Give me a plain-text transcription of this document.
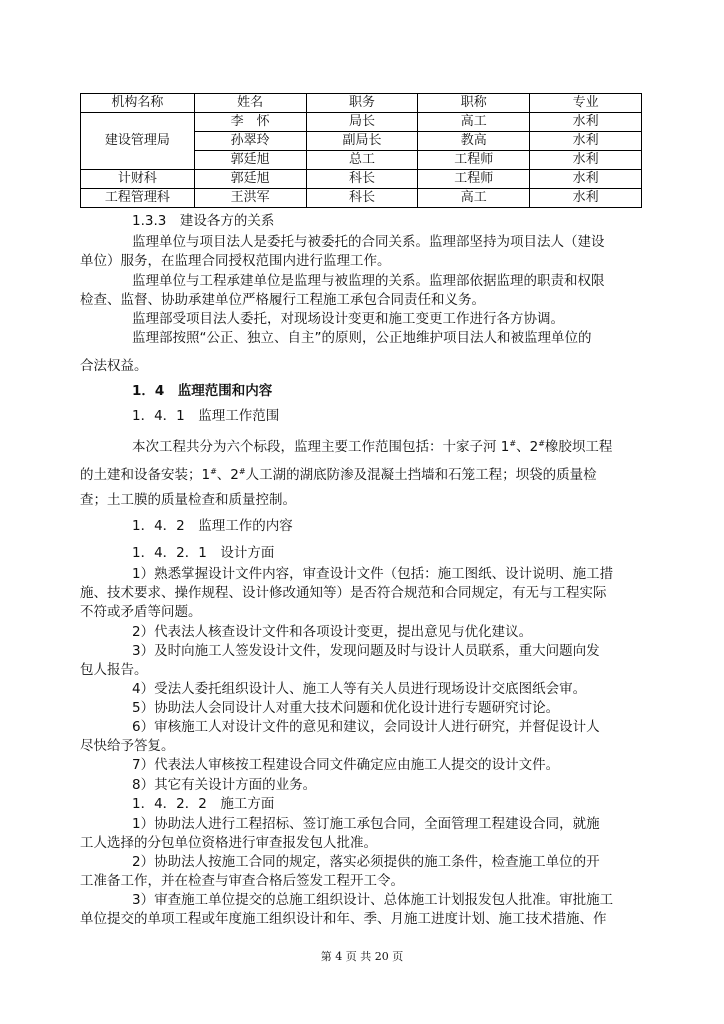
机构名称	姓名	职务	职称	专业
建设管理局	李　怀	局长	高工	水利
	孙翠玲	副局长	教高	水利
	郭廷旭	总工	工程师	水利
计财科	郭廷旭	科长	工程师	水利
工程管理科	王洪军	科长	高工	水利
1.3.3　建设各方的关系
监理单位与项目法人是委托与被委托的合同关系。监理部坚持为项目法人（建设
单位）服务，在监理合同授权范围内进行监理工作。
监理单位与工程承建单位是监理与被监理的关系。监理部依据监理的职责和权限
检查、监督、协助承建单位严格履行工程施工承包合同责任和义务。
监理部受项目法人委托，对现场设计变更和施工变更工作进行各方协调。
监理部按照“公正、独立、自主”的原则，公正地维护项目法人和被监理单位的
合法权益。
1．4　监理范围和内容
1．4．1　监理工作范围
本次工程共分为六个标段，监理主要工作范围包括：十家子河 1#、2#橡胶坝工程
的土建和设备安装；1#、2#人工湖的湖底防渗及混凝土挡墙和石笼工程；坝袋的质量检
查；土工膜的质量检查和质量控制。
1．4．2　监理工作的内容
1．4．2．1　设计方面
1）熟悉掌握设计文件内容，审查设计文件（包括：施工图纸、设计说明、施工措
施、技术要求、操作规程、设计修改通知等）是否符合规范和合同规定，有无与工程实际
不符或矛盾等问题。
2）代表法人核查设计文件和各项设计变更，提出意见与优化建议。
3）及时向施工人签发设计文件，发现问题及时与设计人员联系，重大问题向发
包人报告。
4）受法人委托组织设计人、施工人等有关人员进行现场设计交底图纸会审。
5）协助法人会同设计人对重大技术问题和优化设计进行专题研究讨论。
6）审核施工人对设计文件的意见和建议，会同设计人进行研究，并督促设计人
尽快给予答复。
7）代表法人审核按工程建设合同文件确定应由施工人提交的设计文件。
8）其它有关设计方面的业务。
1．4．2．2　施工方面
1）协助法人进行工程招标、签订施工承包合同，全面管理工程建设合同，就施
工人选择的分包单位资格进行审查报发包人批准。
2）协助法人按施工合同的规定，落实必须提供的施工条件，检查施工单位的开
工准备工作，并在检查与审查合格后签发工程开工令。
3）审查施工单位提交的总施工组织设计、总体施工计划报发包人批准。审批施工
单位提交的单项工程或年度施工组织设计和年、季、月施工进度计划、施工技术措施、作
第 4 页 共 20 页
